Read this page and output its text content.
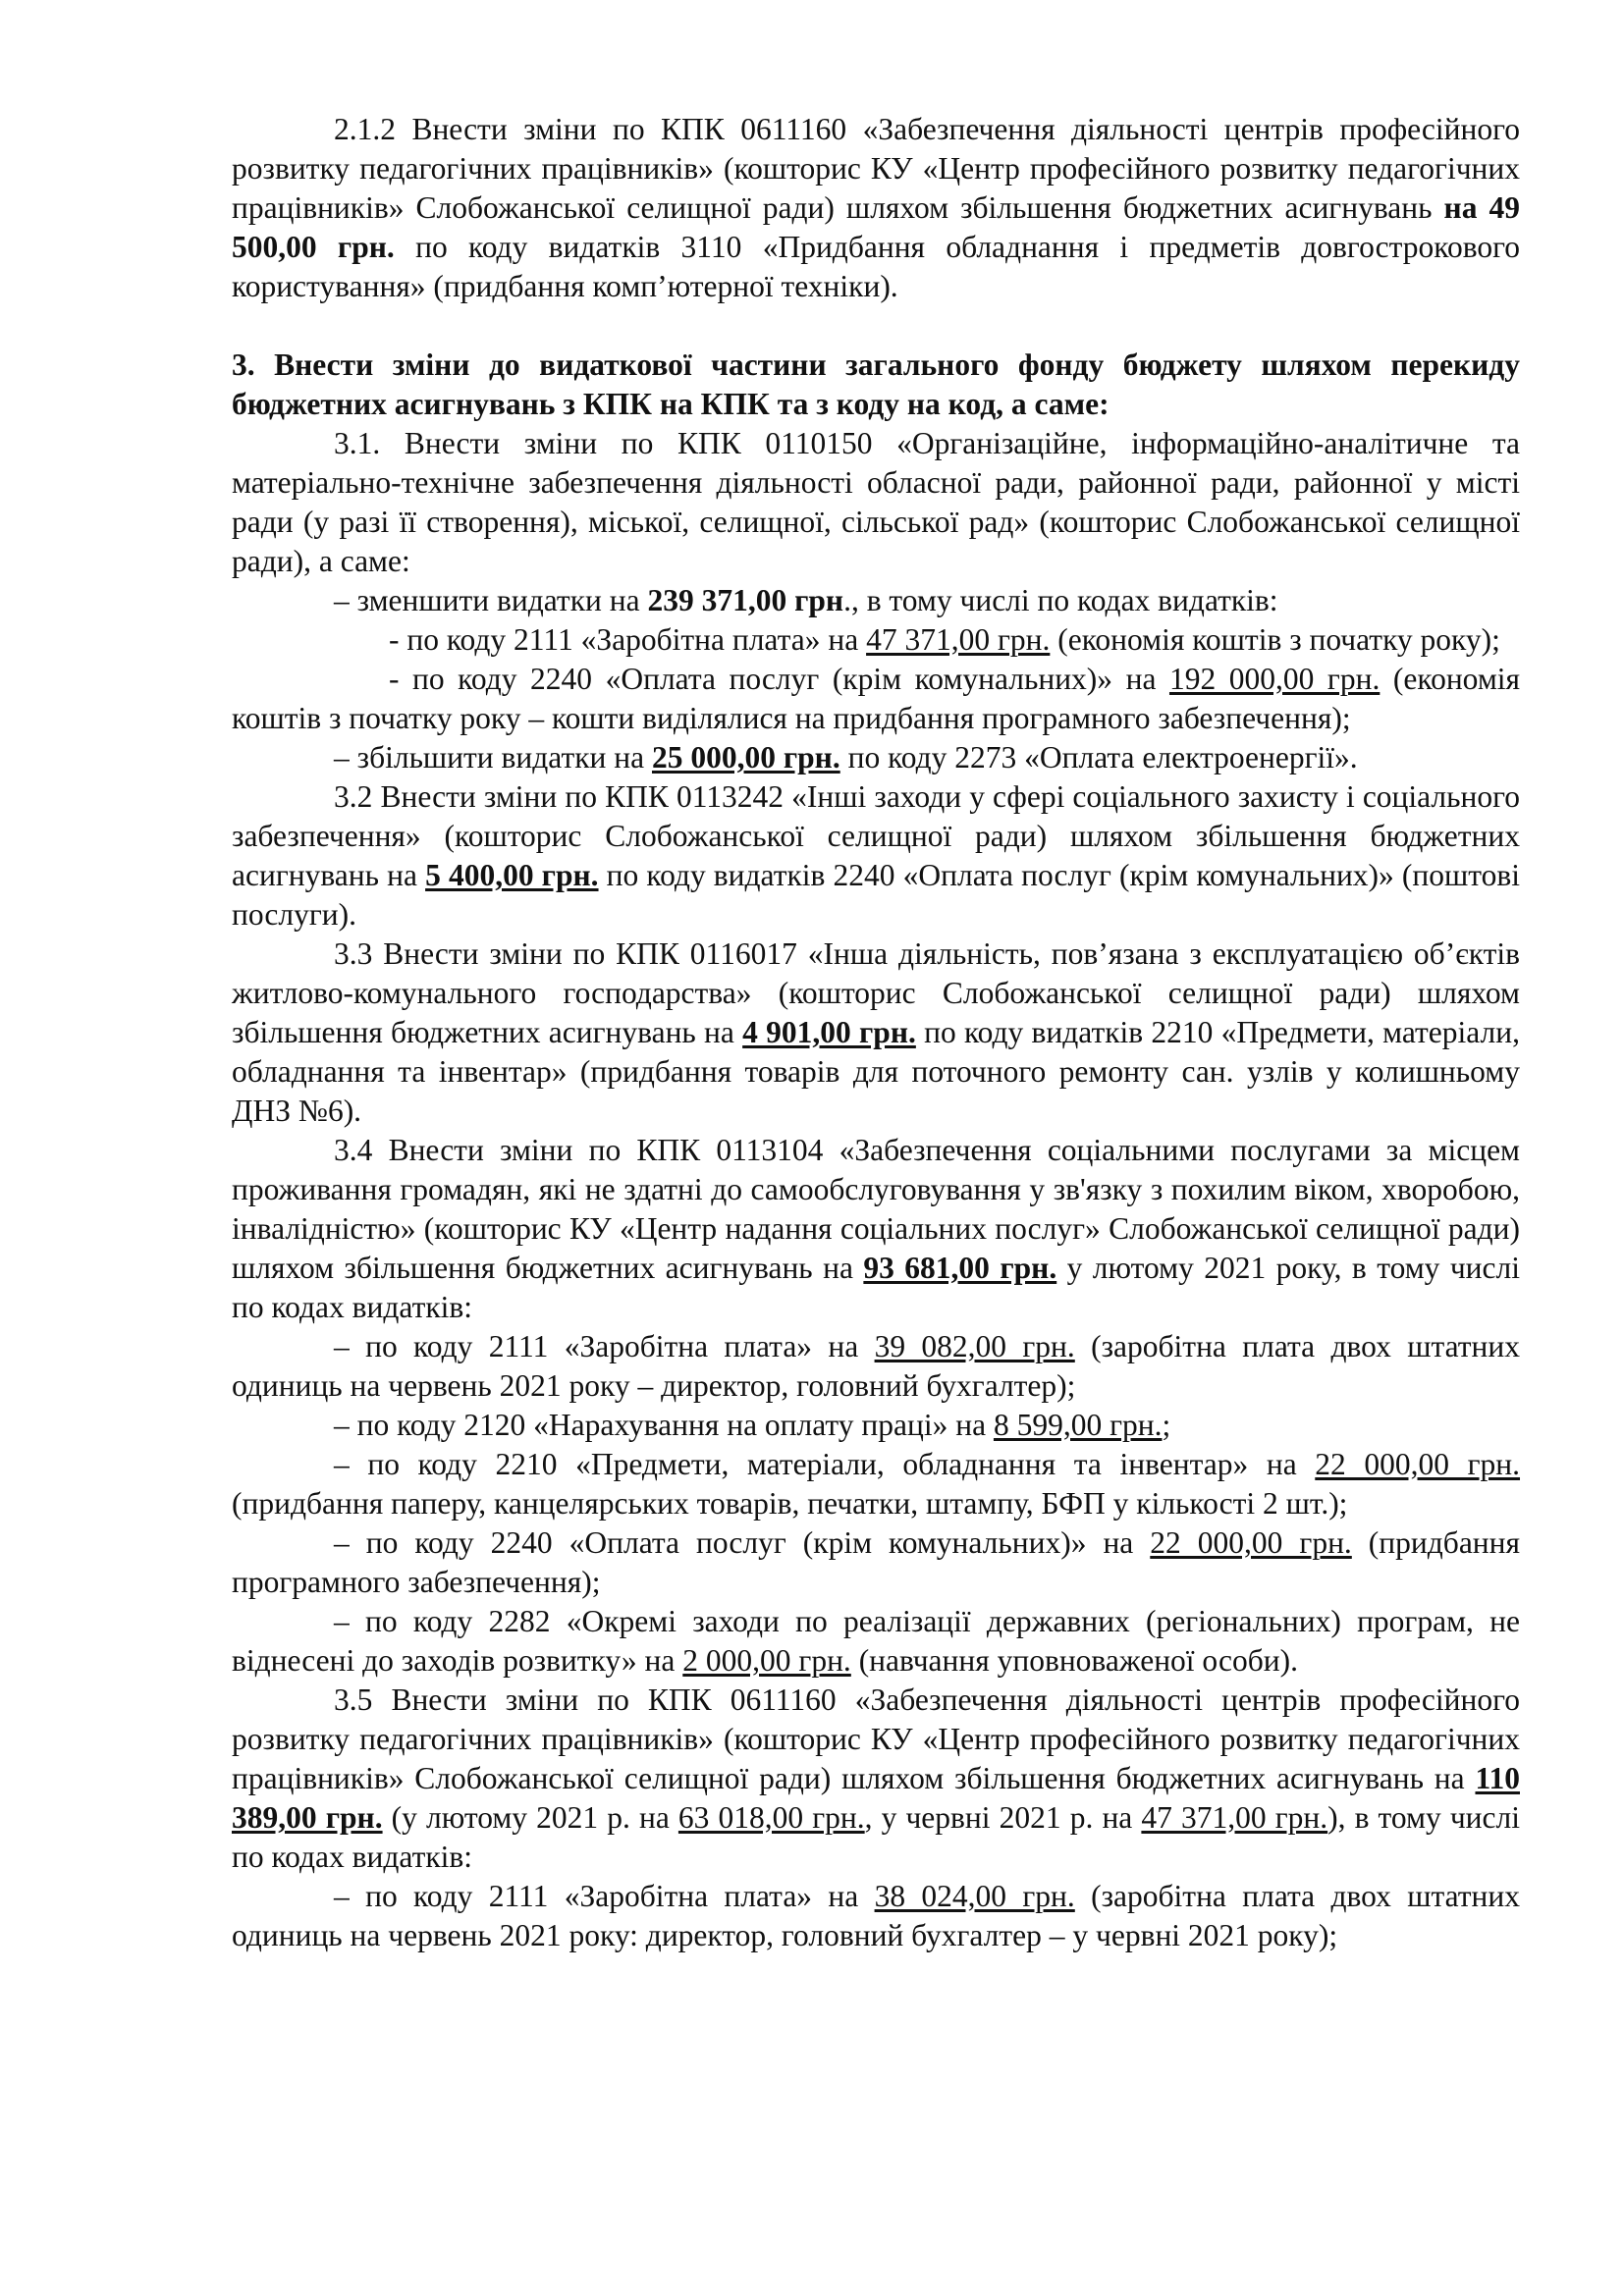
2.1.2 Внести зміни по КПК 0611160 «Забезпечення діяльності центрів професійного розвитку педагогічних працівників» (кошторис КУ «Центр професійного розвитку педагогічних працівників» Слобожанської селищної ради) шляхом збільшення бюджетних асигнувань на 49 500,00 грн. по коду видатків 3110 «Придбання обладнання і предметів довгострокового користування» (придбання комп’ютерної техніки).

3. Внести зміни до видаткової частини загального фонду бюджету шляхом перекиду бюджетних асигнувань з КПК на КПК та з коду на код, а саме:

3.1. Внести зміни по КПК 0110150 «Організаційне, інформаційно-аналітичне та матеріально-технічне забезпечення діяльності обласної ради, районної ради, районної у місті ради (у разі її створення), міської, селищної, сільської рад» (кошторис Слобожанської селищної ради), а саме:

– зменшити видатки на 239 371,00 грн., в тому числі по кодах видатків:

- по коду 2111 «Заробітна плата» на 47 371,00 грн. (економія коштів з початку року);

- по коду 2240 «Оплата послуг (крім комунальних)» на 192 000,00 грн. (економія коштів з початку року – кошти виділялися на придбання програмного забезпечення);

– збільшити видатки на 25 000,00 грн. по коду 2273 «Оплата електроенергії».

3.2 Внести зміни по КПК 0113242 «Інші заходи у сфері соціального захисту і соціального забезпечення» (кошторис Слобожанської селищної ради) шляхом збільшення бюджетних асигнувань на 5 400,00 грн. по коду видатків 2240 «Оплата послуг (крім комунальних)» (поштові послуги).

3.3 Внести зміни по КПК 0116017 «Інша діяльність, пов’язана з експлуатацією об’єктів житлово-комунального господарства» (кошторис Слобожанської селищної ради) шляхом збільшення бюджетних асигнувань на 4 901,00 грн. по коду видатків 2210 «Предмети, матеріали, обладнання та інвентар» (придбання товарів для поточного ремонту сан. узлів у колишньому ДНЗ №6).

3.4 Внести зміни по КПК 0113104 «Забезпечення соціальними послугами за місцем проживання громадян, які не здатні до самообслуговування у зв'язку з похилим віком, хворобою, інвалідністю» (кошторис КУ «Центр надання соціальних послуг» Слобожанської селищної ради) шляхом збільшення бюджетних асигнувань на 93 681,00 грн. у лютому 2021 року, в тому числі по кодах видатків:

– по коду 2111 «Заробітна плата» на 39 082,00 грн. (заробітна плата двох штатних одиниць на червень 2021 року – директор, головний бухгалтер);

– по коду 2120 «Нарахування на оплату праці» на 8 599,00 грн.;

– по коду 2210 «Предмети, матеріали, обладнання та інвентар» на 22 000,00 грн. (придбання паперу, канцелярських товарів, печатки, штампу, БФП у кількості 2 шт.);

– по коду 2240 «Оплата послуг (крім комунальних)» на 22 000,00 грн. (придбання програмного забезпечення);

– по коду 2282 «Окремі заходи по реалізації державних (регіональних) програм, не віднесені до заходів розвитку» на 2 000,00 грн. (навчання уповноваженої особи).

3.5 Внести зміни по КПК 0611160 «Забезпечення діяльності центрів професійного розвитку педагогічних працівників» (кошторис КУ «Центр професійного розвитку педагогічних працівників» Слобожанської селищної ради) шляхом збільшення бюджетних асигнувань на 110 389,00 грн. (у лютому 2021 р. на 63 018,00 грн., у червні 2021 р. на 47 371,00 грн.), в тому числі по кодах видатків:

– по коду 2111 «Заробітна плата» на 38 024,00 грн. (заробітна плата двох штатних одиниць на червень 2021 року: директор, головний бухгалтер – у червні 2021 року);
